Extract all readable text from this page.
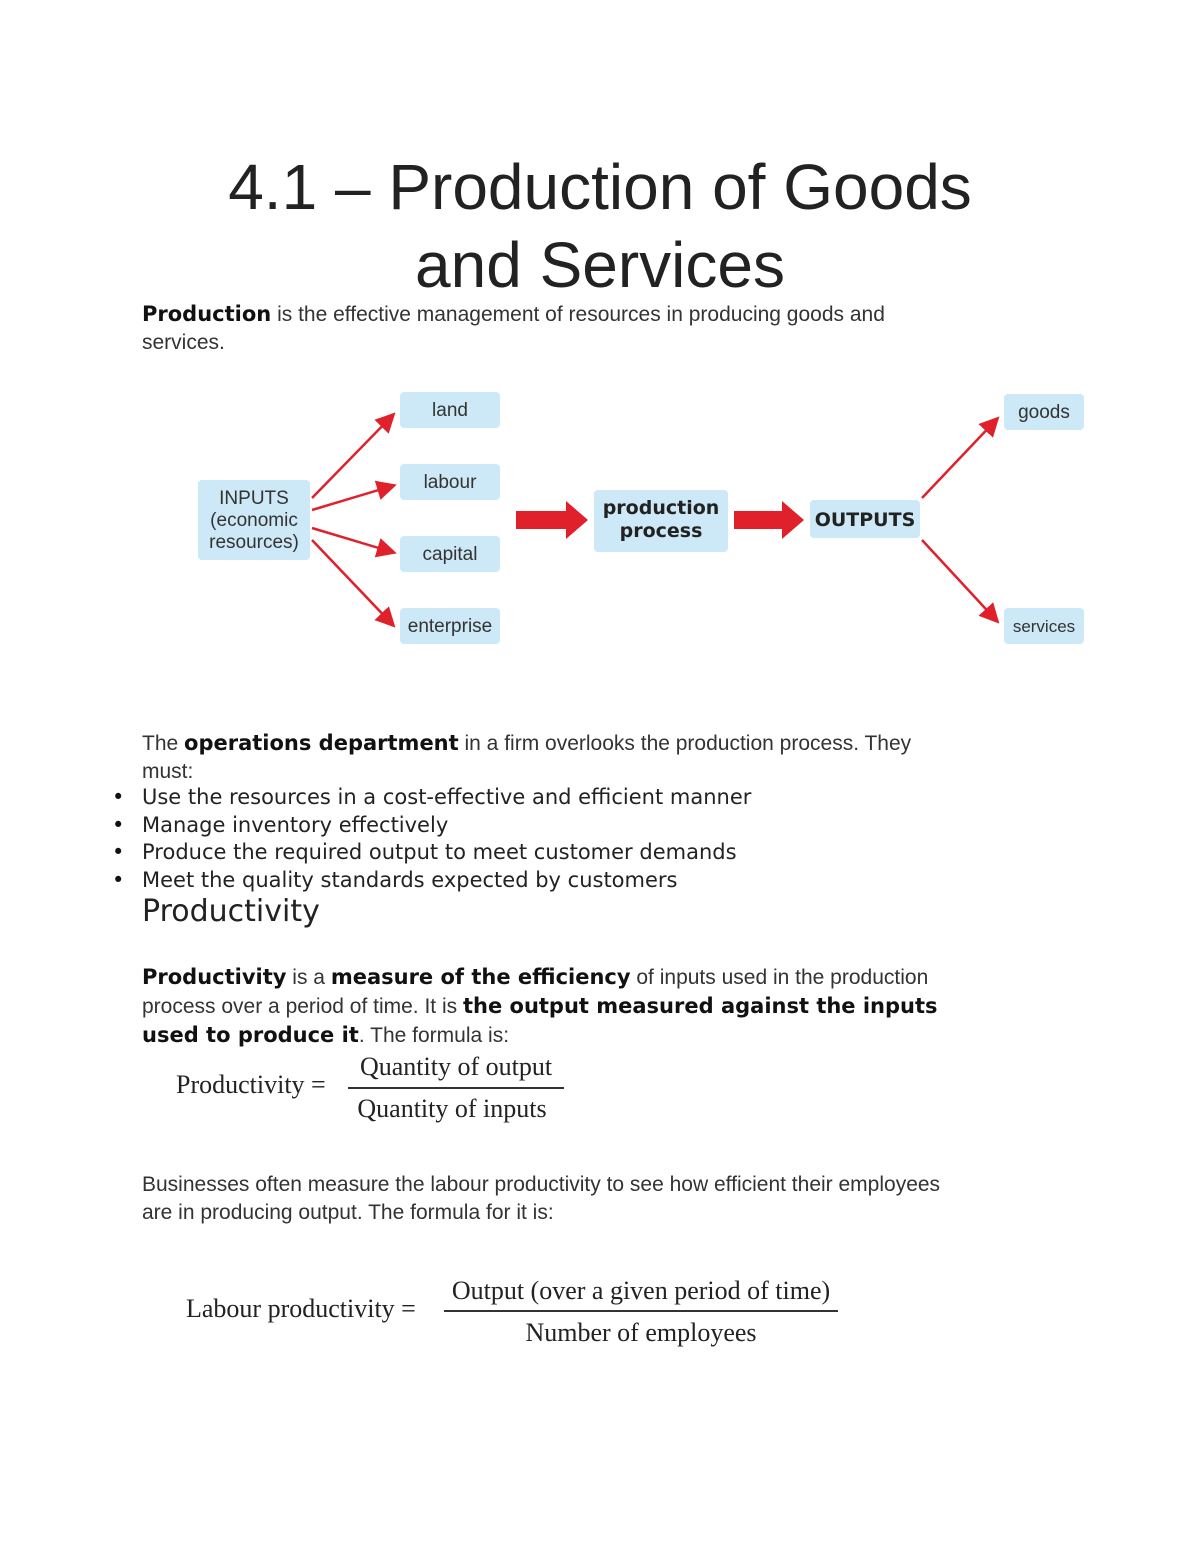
4.1 – Production of Goods
and Services
Production is the effective management of resources in producing goods and
services.
INPUTS
(economic
resources)
land
labour
capital
enterprise
production
process	OUTPUTS
goods
services
The operations department in a firm overlooks the production process. They
must:
• Use the resources in a cost-effective and efficient manner
• Manage inventory effectively
• Produce the required output to meet customer demands
• Meet the quality standards expected by customers
Productivity
Productivity is a measure of the efficiency of inputs used in the production
process over a period of time. It is the output measured against the inputs
used to produce it. The formula is:
Productivity =
Quantity of output
Quantity of inputs
Businesses often measure the labour productivity to see how efficient their employees
are in producing output. The formula for it is:
Labour productivity =
Output (over a given period of time)
Number of employees
